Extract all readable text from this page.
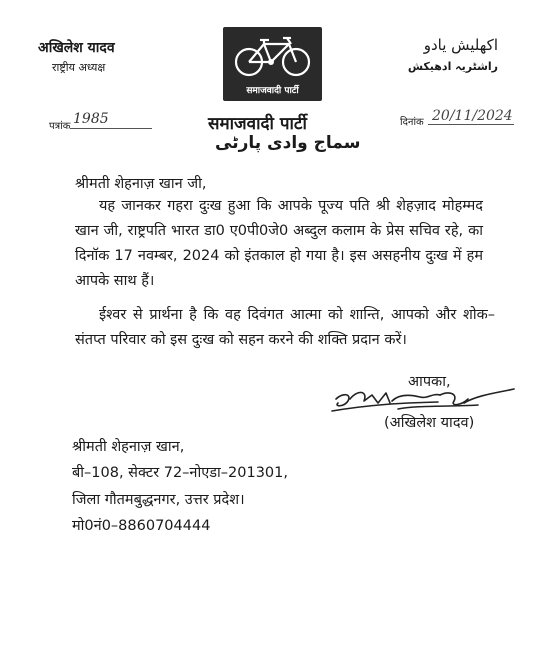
अखिलेश यादव
राष्ट्रीय अध्यक्ष
اکھلیش یادو
راشٹریہ ادھیکش
समाजवादी पार्टी
समाजवादी पार्टी
سماج وادی پارٹی
पत्रांक 1985	दिनांक 20/11/2024
श्रीमती शेहनाज़ खान जी,

यह जानकर गहरा दुःख हुआ कि आपके पूज्य पति श्री शेहज़ाद मोहम्मद खान जी, राष्ट्रपति भारत डा0 ए0पी0जे0 अब्दुल कलाम के प्रेस सचिव रहे, का दिनॉक 17 नवम्बर, 2024 को इंतकाल हो गया है। इस असहनीय दुःख में हम आपके साथ हैं।

ईश्वर से प्रार्थना है कि वह दिवंगत आत्मा को शान्ति, आपको और शोक–संतप्त परिवार को इस दुःख को सहन करने की शक्ति प्रदान करें।

आपका,
(अखिलेश यादव)
श्रीमती शेहनाज़ खान,
बी–108, सेक्टर 72–नोएडा–201301,
जिला गौतमबुद्धनगर, उत्तर प्रदेश।
मो0नं0–8860704444
